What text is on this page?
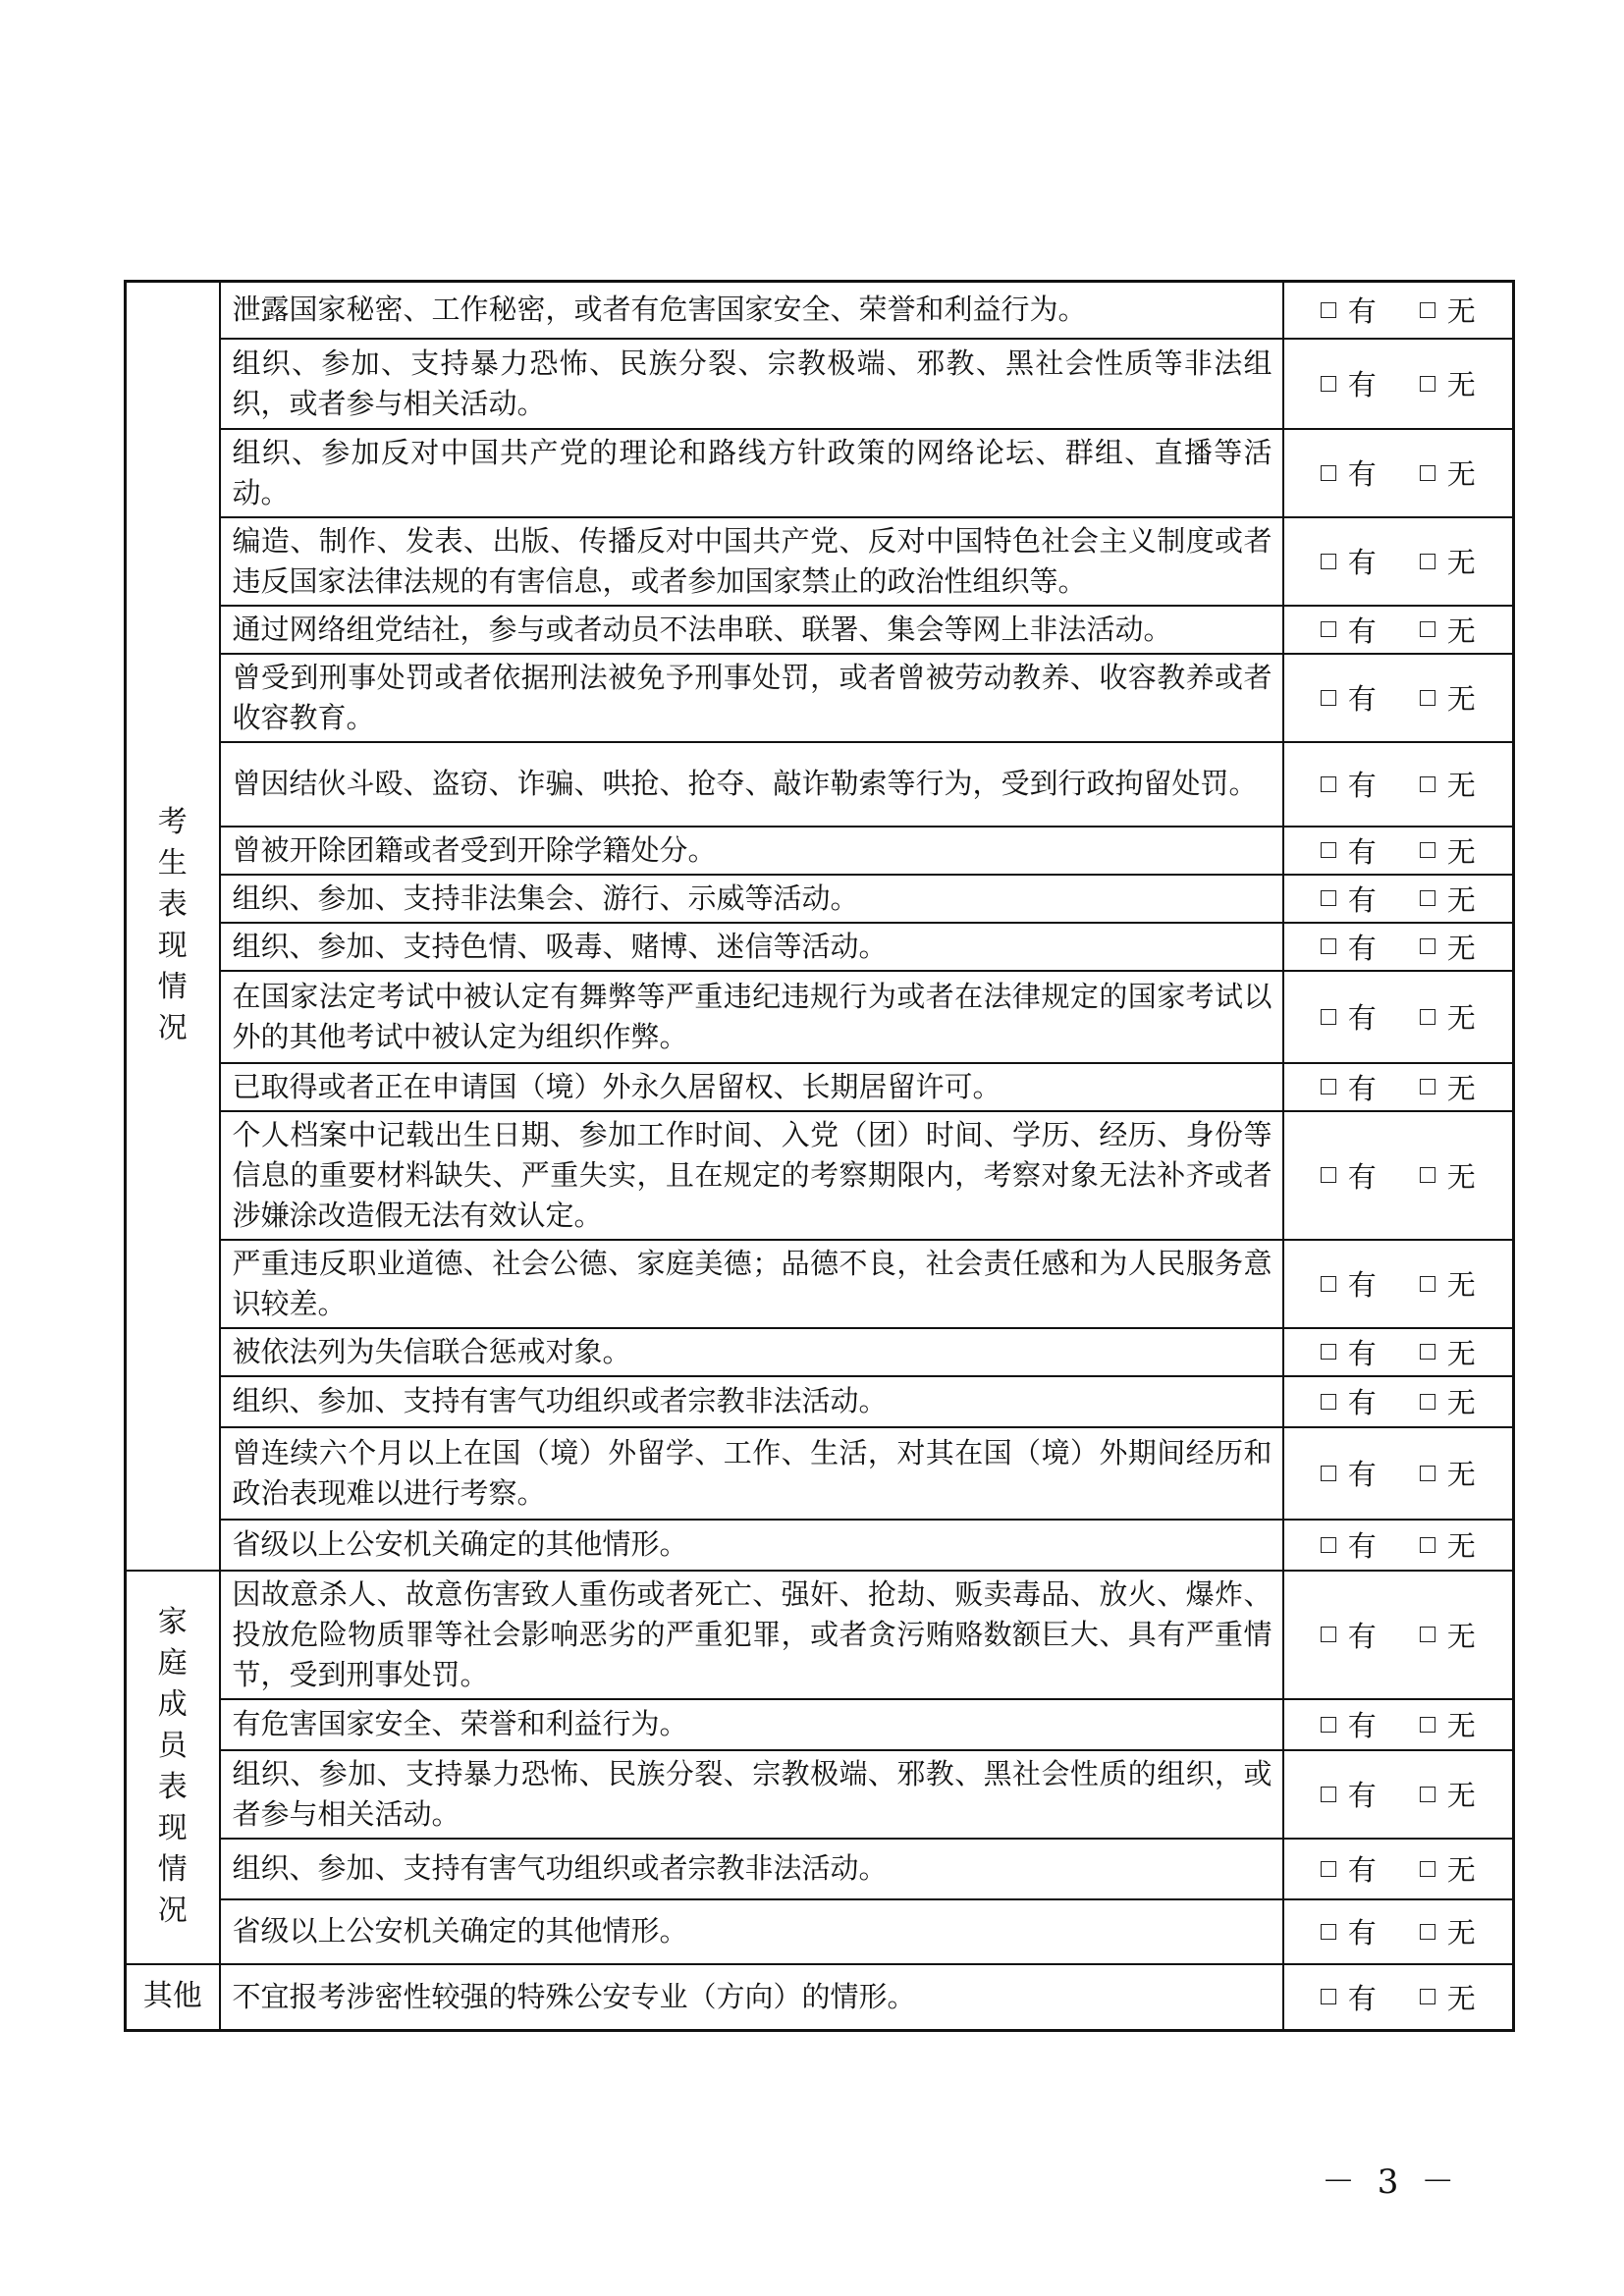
考生表现情况	泄露国家秘密、工作秘密，或者有危害国家安全、荣誉和利益行为。	有 无

	组织、参加、支持暴力恐怖、民族分裂、宗教极端、邪教、黑社会性质等非法组织，或者参与相关活动。	有 无

	组织、参加反对中国共产党的理论和路线方针政策的网络论坛、群组、直播等活动。	有 无

	编造、制作、发表、出版、传播反对中国共产党、反对中国特色社会主义制度或者违反国家法律法规的有害信息，或者参加国家禁止的政治性组织等。	有 无

	通过网络组党结社，参与或者动员不法串联、联署、集会等网上非法活动。	有 无

	曾受到刑事处罚或者依据刑法被免予刑事处罚，或者曾被劳动教养、收容教养或者收容教育。	有 无

	曾因结伙斗殴、盗窃、诈骗、哄抢、抢夺、敲诈勒索等行为，受到行政拘留处罚。	有 无

	曾被开除团籍或者受到开除学籍处分。	有 无

	组织、参加、支持非法集会、游行、示威等活动。	有 无

	组织、参加、支持色情、吸毒、赌博、迷信等活动。	有 无

	在国家法定考试中被认定有舞弊等严重违纪违规行为或者在法律规定的国家考试以外的其他考试中被认定为组织作弊。	有 无

	已取得或者正在申请国（境）外永久居留权、长期居留许可。	有 无

	个人档案中记载出生日期、参加工作时间、入党（团）时间、学历、经历、身份等信息的重要材料缺失、严重失实，且在规定的考察期限内，考察对象无法补齐或者涉嫌涂改造假无法有效认定。	有 无

	严重违反职业道德、社会公德、家庭美德；品德不良，社会责任感和为人民服务意识较差。	有 无

	被依法列为失信联合惩戒对象。	有 无

	组织、参加、支持有害气功组织或者宗教非法活动。	有 无

	曾连续六个月以上在国（境）外留学、工作、生活，对其在国（境）外期间经历和政治表现难以进行考察。	有 无

	省级以上公安机关确定的其他情形。	有 无

家庭成员表现情况	因故意杀人、故意伤害致人重伤或者死亡、强奸、抢劫、贩卖毒品、放火、爆炸、投放危险物质罪等社会影响恶劣的严重犯罪，或者贪污贿赂数额巨大、具有严重情节，受到刑事处罚。	有 无

	有危害国家安全、荣誉和利益行为。	有 无

	组织、参加、支持暴力恐怖、民族分裂、宗教极端、邪教、黑社会性质的组织，或者参与相关活动。	有 无

	组织、参加、支持有害气功组织或者宗教非法活动。	有 无

	省级以上公安机关确定的其他情形。	有 无

其他	不宜报考涉密性较强的特殊公安专业（方向）的情形。	有 无
－ 3 －
